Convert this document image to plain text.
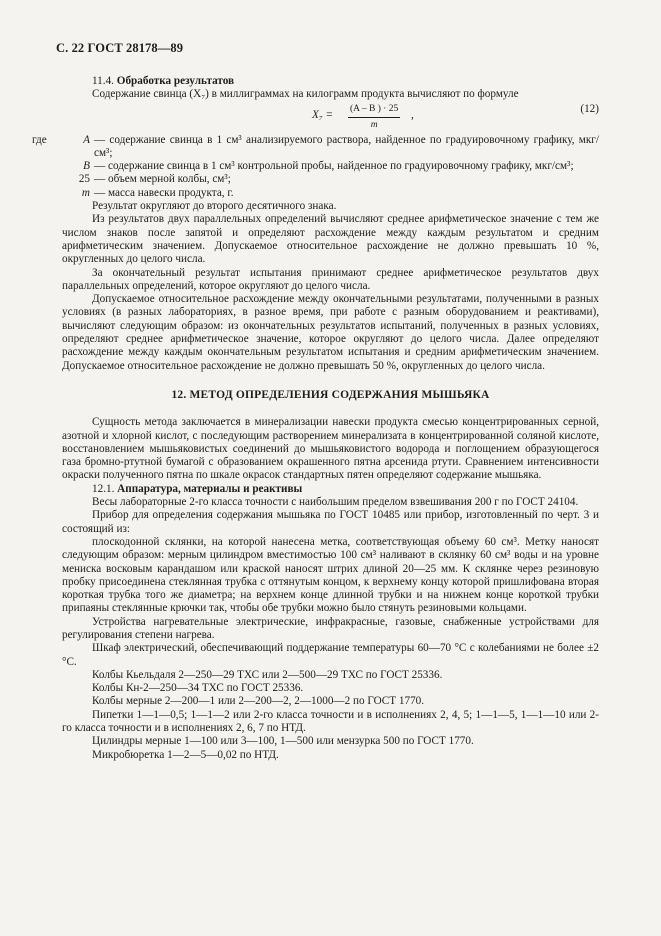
С. 22 ГОСТ 28178—89

11.4. Обработка результатов

Содержание свинца (X₇) в миллиграммах на килограмм продукта вычисляют по формуле

$X_7 = \frac{(A - B ) \cdot 25}{m}$ ,	(12)
где	A — содержание свинца в 1 см³ анализируемого раствора, найденное по градуировочному графику, мкг/см³;
B — содержание свинца в 1 см³ контрольной пробы, найденное по градуировочному графику, мкг/см³;
25 — объем мерной колбы, см³;
m — масса навески продукта, г.

Результат округляют до второго десятичного знака.

Из результатов двух параллельных определений вычисляют среднее арифметическое значение с тем же числом знаков после запятой и определяют расхождение между каждым результатом и средним арифметическим значением. Допускаемое относительное расхождение не должно превышать 10 %, округленных до целого числа.

За окончательный результат испытания принимают среднее арифметическое результатов двух параллельных определений, которое округляют до целого числа.

Допускаемое относительное расхождение между окончательными результатами, полученными в разных условиях (в разных лабораториях, в разное время, при работе с разным оборудованием и реактивами), вычисляют следующим образом: из окончательных результатов испытаний, полученных в разных условиях, определяют среднее арифметическое значение, которое округляют до целого числа. Далее определяют расхождение между каждым окончательным результатом испытания и средним арифметическим значением. Допускаемое относительное расхождение не должно превышать 50 %, округленных до целого числа.

12. МЕТОД ОПРЕДЕЛЕНИЯ СОДЕРЖАНИЯ МЫШЬЯКА

Сущность метода заключается в минерализации навески продукта смесью концентрированных серной, азотной и хлорной кислот, с последующим растворением минерализата в концентрированной соляной кислоте, восстановлением мышьяковистых соединений до мышьяковистого водорода и поглощением образующегося газа бромно-ртутной бумагой с образованием окрашенного пятна арсенида ртути. Сравнением интенсивности окраски полученного пятна по шкале окрасок стандартных пятен определяют содержание мышьяка.

12.1. Аппаратура, материалы и реактивы

Весы лабораторные 2-го класса точности с наибольшим пределом взвешивания 200 г по ГОСТ 24104.

Прибор для определения содержания мышьяка по ГОСТ 10485 или прибор, изготовленный по черт. 3 и состоящий из:

плоскодонной склянки, на которой нанесена метка, соответствующая объему 60 см³. Метку наносят следующим образом: мерным цилиндром вместимостью 100 см³ наливают в склянку 60 см³ воды и на уровне мениска восковым карандашом или краской наносят штрих длиной 20—25 мм. К склянке через резиновую пробку присоединена стеклянная трубка с оттянутым концом, к верхнему концу которой пришлифована вторая короткая трубка того же диаметра; на верхнем конце длинной трубки и на нижнем конце короткой трубки припаяны стеклянные крючки так, чтобы обе трубки можно было стянуть резиновыми кольцами.

Устройства нагревательные электрические, инфракрасные, газовые, снабженные устройствами для регулирования степени нагрева.

Шкаф электрический, обеспечивающий поддержание температуры 60—70 °C с колебаниями не более ±2 °C.

Колбы Кьельдаля 2—250—29 ТХС или 2—500—29 ТХС по ГОСТ 25336.

Колбы Кн-2—250—34 ТХС по ГОСТ 25336.

Колбы мерные 2—200—1 или 2—200—2, 2—1000—2 по ГОСТ 1770.

Пипетки 1—1—0,5; 1—1—2 или 2-го класса точности и в исполнениях 2, 4, 5; 1—1—5, 1—1—10 или 2-го класса точности и в исполнениях 2, 6, 7 по НТД.

Цилиндры мерные 1—100 или 3—100, 1—500 или мензурка 500 по ГОСТ 1770.

Микробюретка 1—2—5—0,02 по НТД.
